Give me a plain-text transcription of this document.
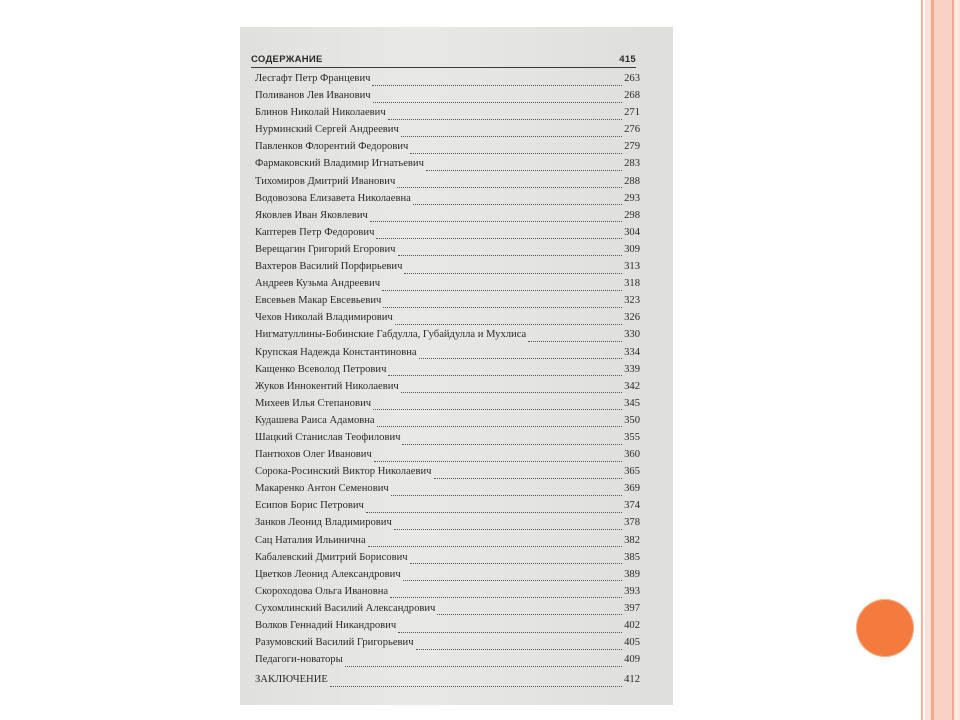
СОДЕРЖАНИЕ	415
Лесгафт Петр Францевич	263
Поливанов Лев Иванович	268
Блинов Николай Николаевич	271
Нурминский Сергей Андреевич	276
Павленков Флорентий Федорович	279
Фармаковский Владимир Игнатьевич	283
Тихомиров Дмитрий Иванович	288
Водовозова Елизавета Николаевна	293
Яковлев Иван Яковлевич	298
Каптерев Петр Федорович	304
Верещагин Григорий Егорович	309
Вахтеров Василий Порфирьевич	313
Андреев Кузьма Андреевич	318
Евсевьев Макар Евсевьевич	323
Чехов Николай Владимирович	326
Нигматуллины-Бобинские Габдулла, Губайдулла и Мухлиса	330
Крупская Надежда Константиновна	334
Кащенко Всеволод Петрович	339
Жуков Иннокентий Николаевич	342
Михеев Илья Степанович	345
Кудашева Раиса Адамовна	350
Шацкий Станислав Теофилович	355
Пантюхов Олег Иванович	360
Сорока-Росинский Виктор Николаевич	365
Макаренко Антон Семенович	369
Есипов Борис Петрович	374
Занков Леонид Владимирович	378
Сац Наталия Ильинична	382
Кабалевский Дмитрий Борисович	385
Цветков Леонид Александрович	389
Скороходова Ольга Ивановна	393
Сухомлинский Василий Александрович	397
Волков Геннадий Никандрович	402
Разумовский Василий Григорьевич	405
Педагоги-новаторы	409
ЗАКЛЮЧЕНИЕ	412
